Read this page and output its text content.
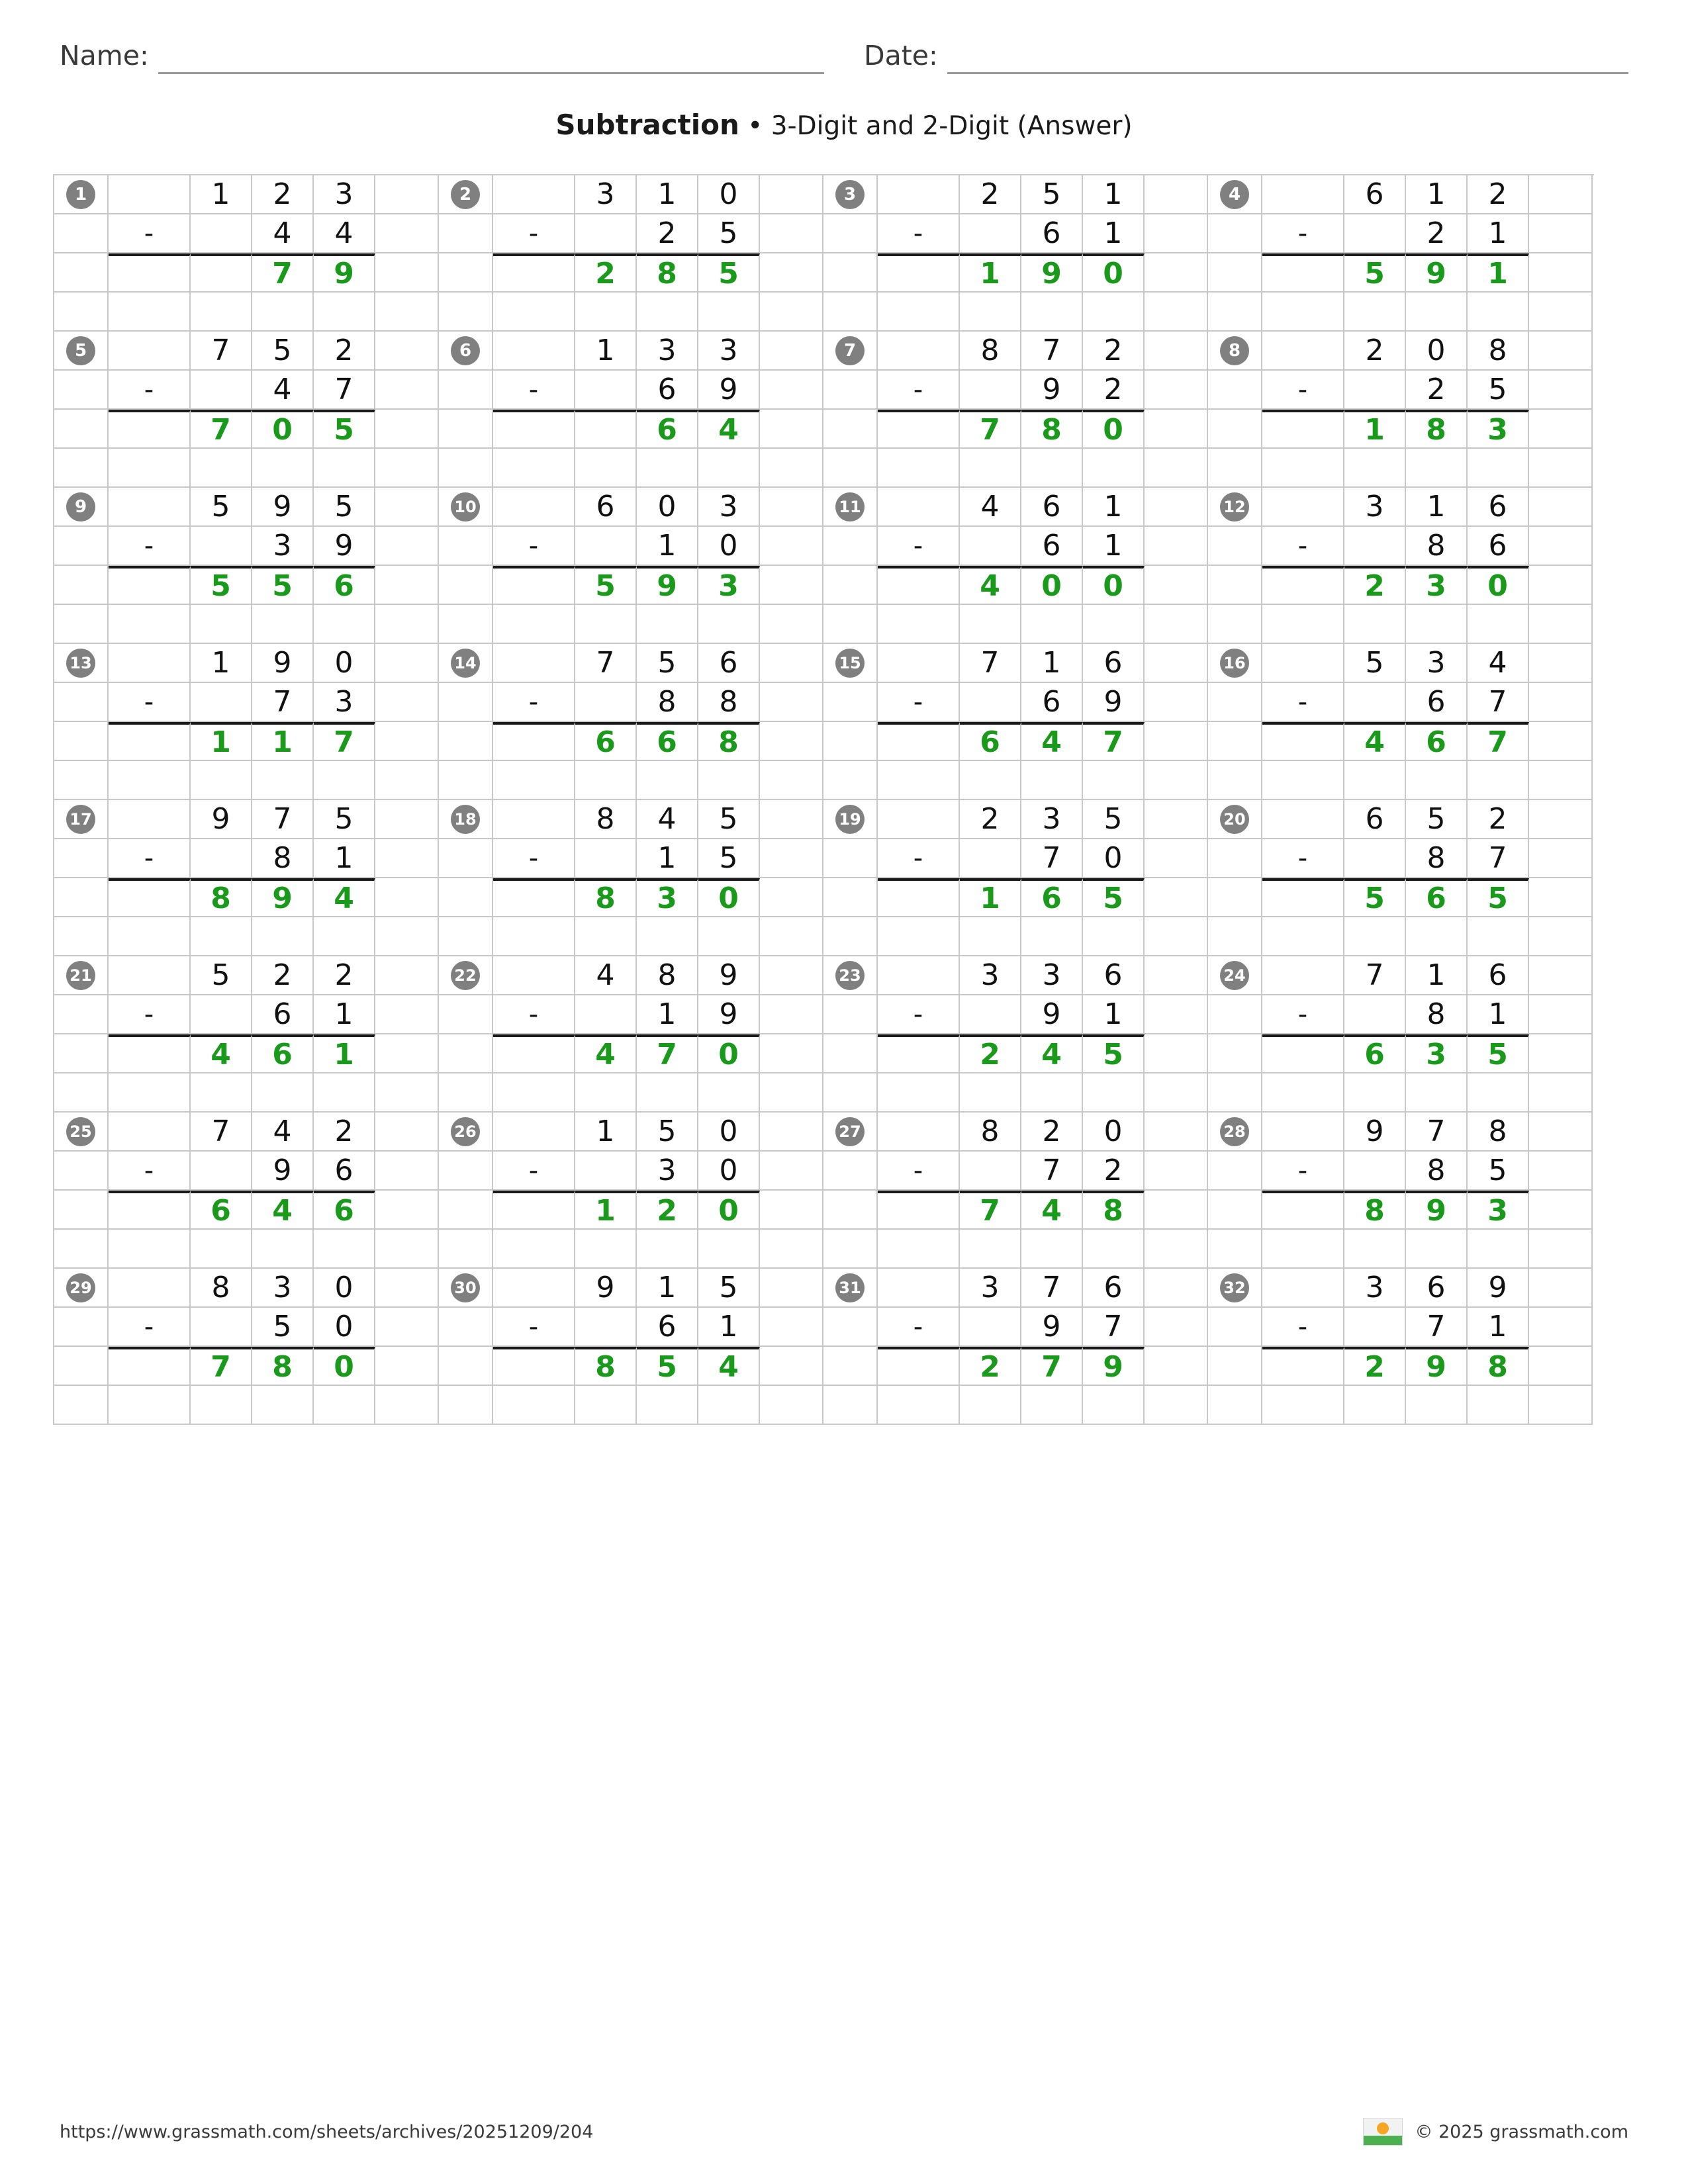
Name:	Date:
Subtraction • 3-Digit and 2-Digit (Answer)
1	1	2	3
-	4	4
7	9
2	3	1	0
-	2	5
2	8	5
3	2	5	1
-	6	1
1	9	0
4	6	1	2
-	2	1
5	9	1
5	7	5	2
-	4	7
7	0	5
6	1	3	3
-	6	9
6	4
7	8	7	2
-	9	2
7	8	0
8	2	0	8
-	2	5
1	8	3
9	5	9	5
-	3	9
5	5	6
10	6	0	3
-	1	0
5	9	3
11	4	6	1
-	6	1
4	0	0
12	3	1	6
-	8	6
2	3	0
13	1	9	0
-	7	3
1	1	7
14	7	5	6
-	8	8
6	6	8
15	7	1	6
-	6	9
6	4	7
16	5	3	4
-	6	7
4	6	7
17	9	7	5
-	8	1
8	9	4
18	8	4	5
-	1	5
8	3	0
19	2	3	5
-	7	0
1	6	5
20	6	5	2
-	8	7
5	6	5
21	5	2	2
-	6	1
4	6	1
22	4	8	9
-	1	9
4	7	0
23	3	3	6
-	9	1
2	4	5
24	7	1	6
-	8	1
6	3	5
25	7	4	2
-	9	6
6	4	6
26	1	5	0
-	3	0
1	2	0
27	8	2	0
-	7	2
7	4	8
28	9	7	8
-	8	5
8	9	3
29	8	3	0
-	5	0
7	8	0
30	9	1	5
-	6	1
8	5	4
31	3	7	6
-	9	7
2	7	9
32	3	6	9
-	7	1
2	9	8
https://www.grassmath.com/sheets/archives/20251209/204	© 2025 grassmath.com
